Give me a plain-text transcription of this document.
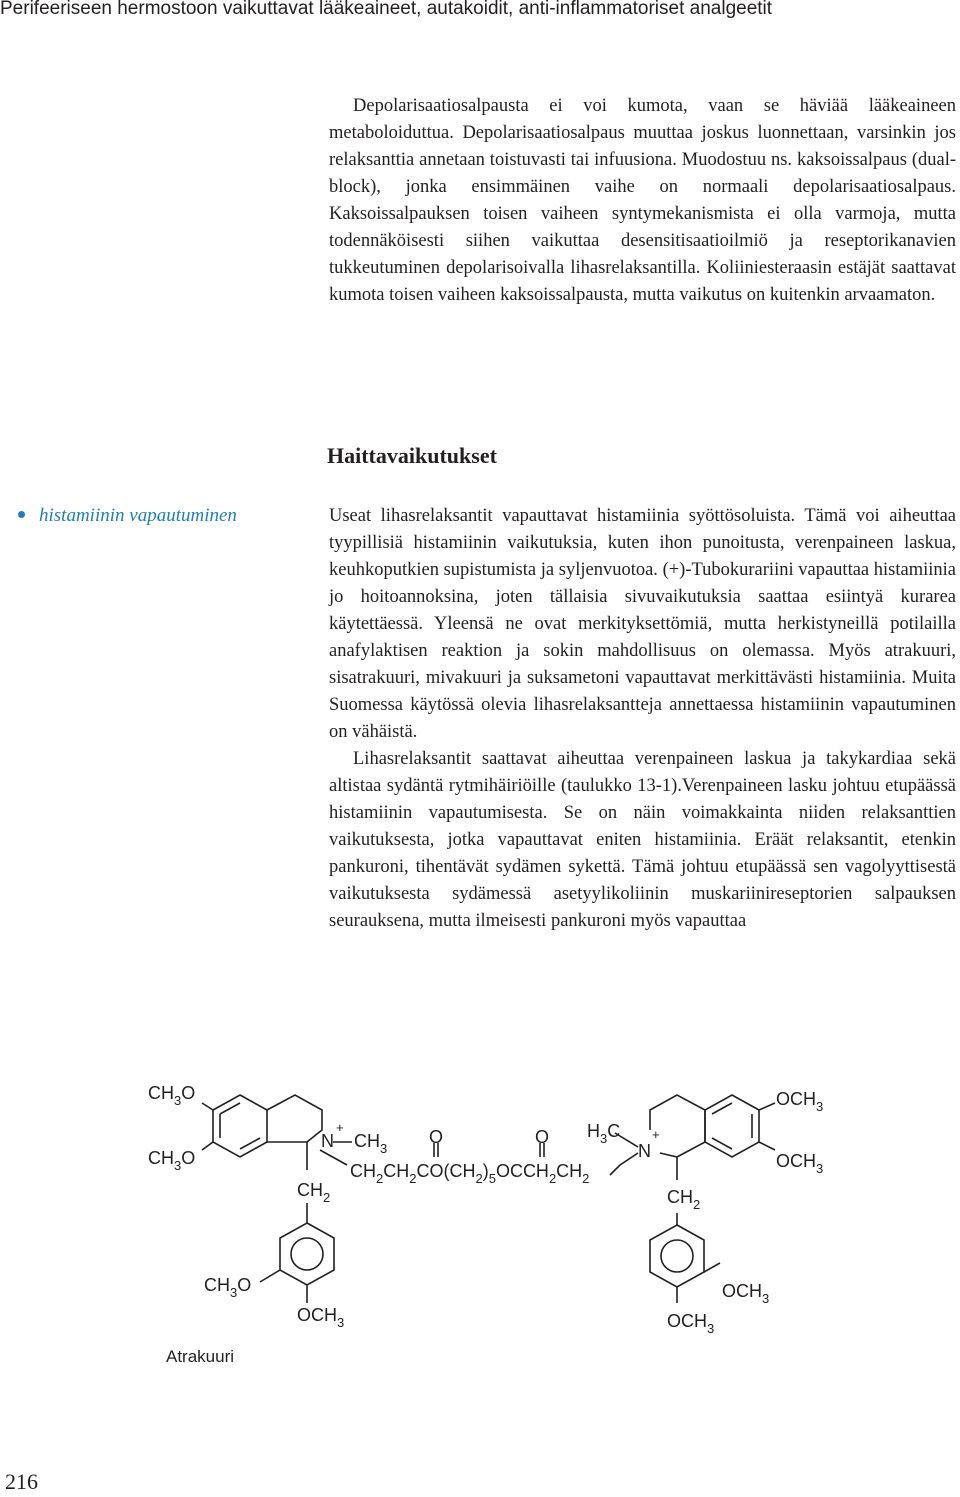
Perifeeriseen hermostoon vaikuttavat lääkeaineet, autakoidit, anti-inflammatoriset analgeetit

Depolarisaatiosalpausta ei voi kumota, vaan se häviää lääkeaineen metaboloiduttua. Depolarisaatiosalpaus muuttaa joskus luonnettaan, varsinkin jos relaksanttia annetaan toistuvasti tai infuusiona. Muodostuu ns. kaksoissalpaus (dual-block), jonka ensimmäinen vaihe on normaali depolarisaatiosalpaus. Kaksoissalpauksen toisen vaiheen syntymekanismista ei olla varmoja, mutta todennäköisesti siihen vaikuttaa desensitisaatioilmiö ja reseptorikanavien tukkeutuminen depolarisoivalla lihasrelaksantilla. Koliiniesteraasin estäjät saattavat kumota toisen vaiheen kaksoissalpausta, mutta vaikutus on kuitenkin arvaamaton.

Haittavaikutukset
histamiinin vapautuminen	Useat lihasrelaksantit vapauttavat histamiinia syöttösoluista. Tämä voi aiheuttaa tyypillisiä histamiinin vaikutuksia, kuten ihon punoitusta, verenpaineen laskua, keuhkoputkien supistumista ja syljenvuotoa. (+)-Tubokurariini vapauttaa histamiinia jo hoitoannoksina, joten tällaisia sivuvaikutuksia saattaa esiintyä kurarea käytettäessä. Yleensä ne ovat merkityksettömiä, mutta herkistyneillä potilailla anafylaktisen reaktion ja sokin mahdollisuus on olemassa. Myös atrakuuri, sisatrakuuri, mivakuuri ja suksametoni vapauttavat merkittävästi histamiinia. Muita Suomessa käytössä olevia lihasrelaksantteja annettaessa histamiinin vapautuminen on vähäistä.

Lihasrelaksantit saattavat aiheuttaa verenpaineen laskua ja takykardiaa sekä altistaa sydäntä rytmihäiriöille (taulukko 13-1).Verenpaineen lasku johtuu etupäässä histamiinin vapautumisesta. Se on näin voimakkainta niiden relaksanttien vaikutuksesta, jotka vapauttavat eniten histamiinia. Eräät relaksantit, etenkin pankuroni, tihentävät sydämen sykettä. Tämä johtuu etupäässä sen vagolyyttisestä vaikutuksesta sydämessä asetyylikoliinin muskariinireseptorien salpauksen seurauksena, mutta ilmeisesti pankuroni myös vapauttaa

$CH_3O$
$CH_3O$
N
+
$CH_3$
O	O $H_3C$
N
+
$CH_2CH_2CO(CH_2)_5OCCH_2CH_2$
$CH_2$
$OCH_3$
$OCH_3$
$CH_2$
$CH_3O$
$OCH_3$
$OCH_3$
$OCH_3$
Atrakuuri
216
